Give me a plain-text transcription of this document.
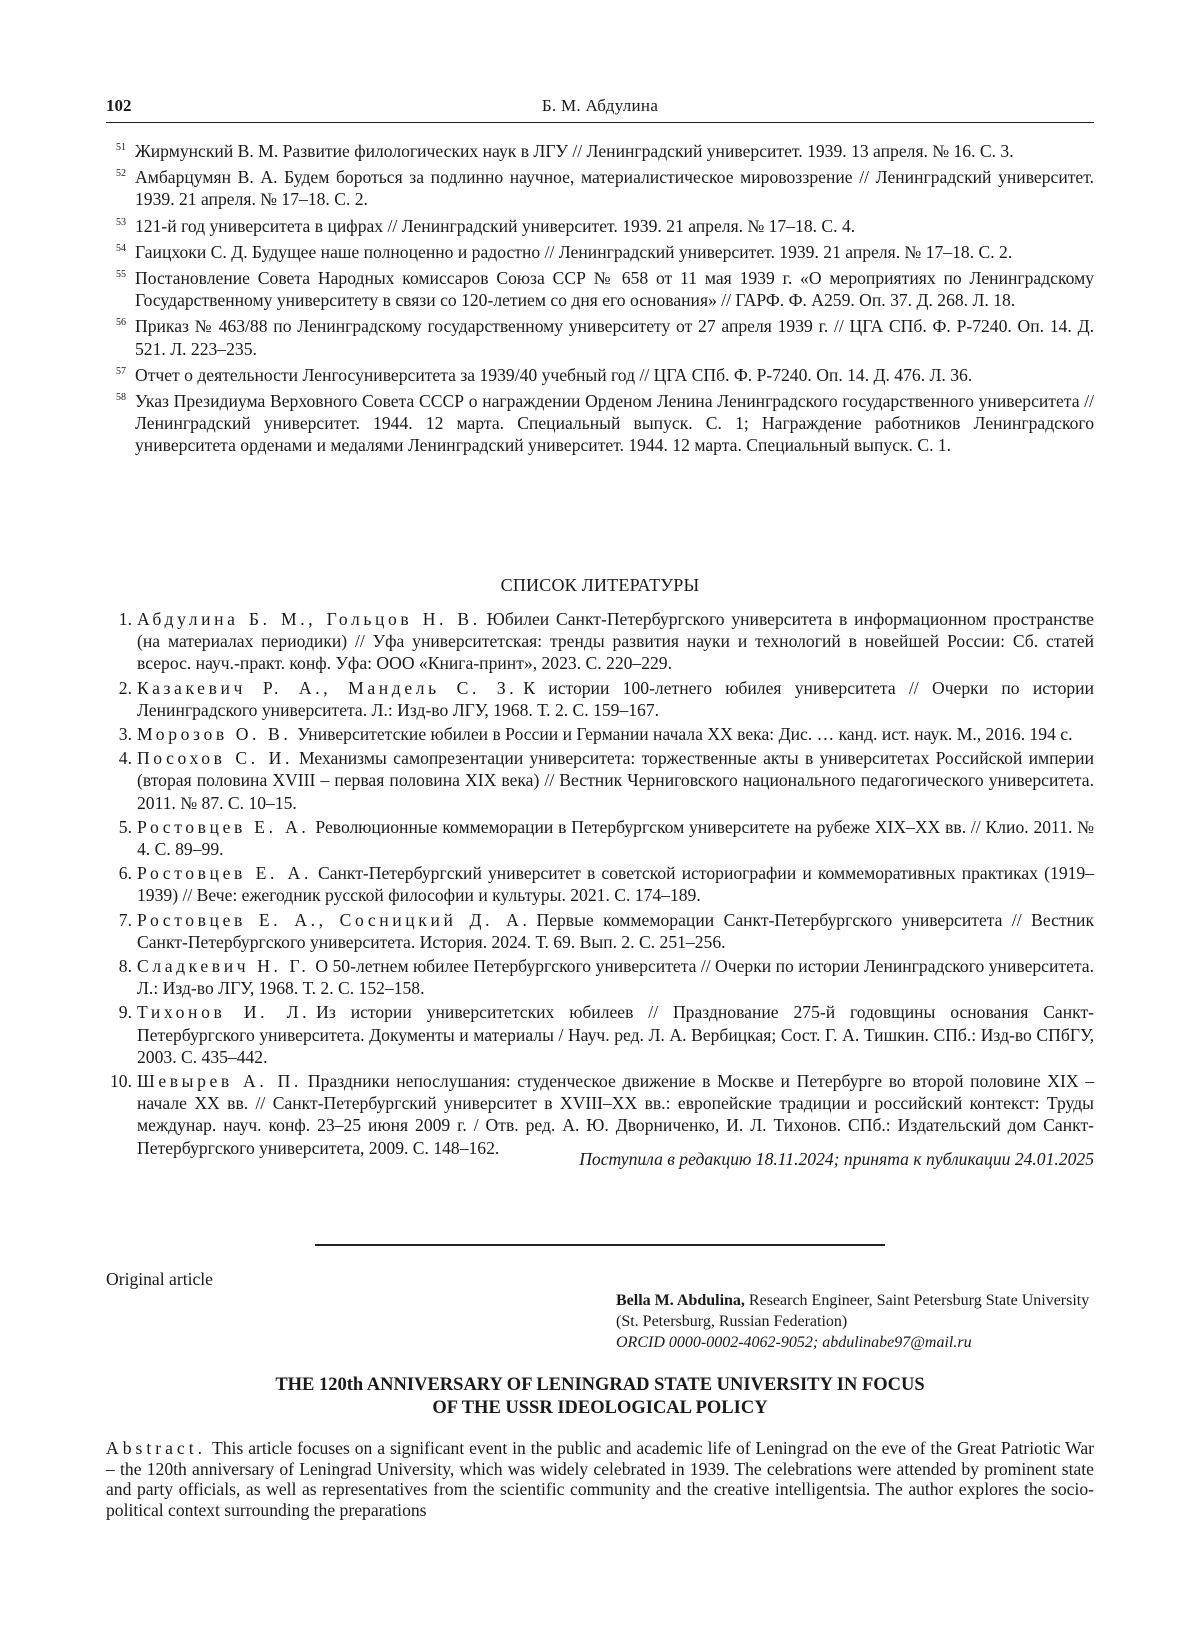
102	Б. М. Абдулина
51 Жирмунский В. М. Развитие филологических наук в ЛГУ // Ленинградский университет. 1939. 13 апреля. № 16. С. 3.
52 Амбарцумян В. А. Будем бороться за подлинно научное, материалистическое мировоззрение // Ленинградский университет. 1939. 21 апреля. № 17–18. С. 2.
53 121-й год университета в цифрах // Ленинградский университет. 1939. 21 апреля. № 17–18. С. 4.
54 Гаицхоки С. Д. Будущее наше полноценно и радостно // Ленинградский университет. 1939. 21 апреля. № 17–18. С. 2.
55 Постановление Совета Народных комиссаров Союза ССР № 658 от 11 мая 1939 г. «О мероприятиях по Ленинградскому Государственному университету в связи со 120-летием со дня его основания» // ГАРФ. Ф. А259. Оп. 37. Д. 268. Л. 18.
56 Приказ № 463/88 по Ленинградскому государственному университету от 27 апреля 1939 г. // ЦГА СПб. Ф. Р-7240. Оп. 14. Д. 521. Л. 223–235.
57 Отчет о деятельности Ленгосуниверситета за 1939/40 учебный год // ЦГА СПб. Ф. Р-7240. Оп. 14. Д. 476. Л. 36.
58 Указ Президиума Верховного Совета СССР о награждении Орденом Ленина Ленинградского государственного университета // Ленинградский университет. 1944. 12 марта. Специальный выпуск. С. 1; Награждение работников Ленинградского университета орденами и медалями Ленинградский университет. 1944. 12 марта. Специальный выпуск. С. 1.
СПИСОК ЛИТЕРАТУРЫ
1. Абдулина Б. М., Гольцов Н. В. Юбилеи Санкт-Петербургского университета в информационном пространстве (на материалах периодики) // Уфа университетская: тренды развития науки и технологий в новейшей России: Сб. статей всерос. науч.-практ. конф. Уфа: ООО «Книга-принт», 2023. С. 220–229.
2. Казакевич Р. А., Мандель С. З. К истории 100-летнего юбилея университета // Очерки по истории Ленинградского университета. Л.: Изд-во ЛГУ, 1968. Т. 2. С. 159–167.
3. Морозов О. В. Университетские юбилеи в России и Германии начала XX века: Дис. … канд. ист. наук. М., 2016. 194 с.
4. Посохов С. И. Механизмы самопрезентации университета: торжественные акты в университетах Российской империи (вторая половина XVIII – первая половина XIX века) // Вестник Черниговского национального педагогического университета. 2011. № 87. С. 10–15.
5. Ростовцев Е. А. Революционные коммеморации в Петербургском университете на рубеже XIX–XX вв. // Клио. 2011. № 4. С. 89–99.
6. Ростовцев Е. А. Санкт-Петербургский университет в советской историографии и коммеморативных практиках (1919–1939) // Вече: ежегодник русской философии и культуры. 2021. С. 174–189.
7. Ростовцев Е. А., Сосницкий Д. А. Первые коммеморации Санкт-Петербургского университета // Вестник Санкт-Петербургского университета. История. 2024. Т. 69. Вып. 2. С. 251–256.
8. Сладкевич Н. Г. О 50-летнем юбилее Петербургского университета // Очерки по истории Ленинградского университета. Л.: Изд-во ЛГУ, 1968. Т. 2. С. 152–158.
9. Тихонов И. Л. Из истории университетских юбилеев // Празднование 275-й годовщины основания Санкт-Петербургского университета. Документы и материалы / Науч. ред. Л. А. Вербицкая; Сост. Г. А. Тишкин. СПб.: Изд-во СПбГУ, 2003. С. 435–442.
10. Шевырев А. П. Праздники непослушания: студенческое движение в Москве и Петербурге во второй половине XIX – начале XX вв. // Санкт-Петербургский университет в XVIII–XX вв.: европейские традиции и российский контекст: Труды междунар. науч. конф. 23–25 июня 2009 г. / Отв. ред. А. Ю. Дворниченко, И. Л. Тихонов. СПб.: Издательский дом Санкт-Петербургского университета, 2009. С. 148–162.
Поступила в редакцию 18.11.2024; принята к публикации 24.01.2025
Original article
Bella M. Abdulina, Research Engineer, Saint Petersburg State University (St. Petersburg, Russian Federation)
ORCID 0000-0002-4062-9052; abdulinabe97@mail.ru
THE 120th ANNIVERSARY OF LENINGRAD STATE UNIVERSITY IN FOCUS
OF THE USSR IDEOLOGICAL POLICY
Abstract. This article focuses on a significant event in the public and academic life of Leningrad on the eve of the Great Patriotic War – the 120th anniversary of Leningrad University, which was widely celebrated in 1939. The celebrations were attended by prominent state and party officials, as well as representatives from the scientific community and the creative intelligentsia. The author explores the socio-political context surrounding the preparations
